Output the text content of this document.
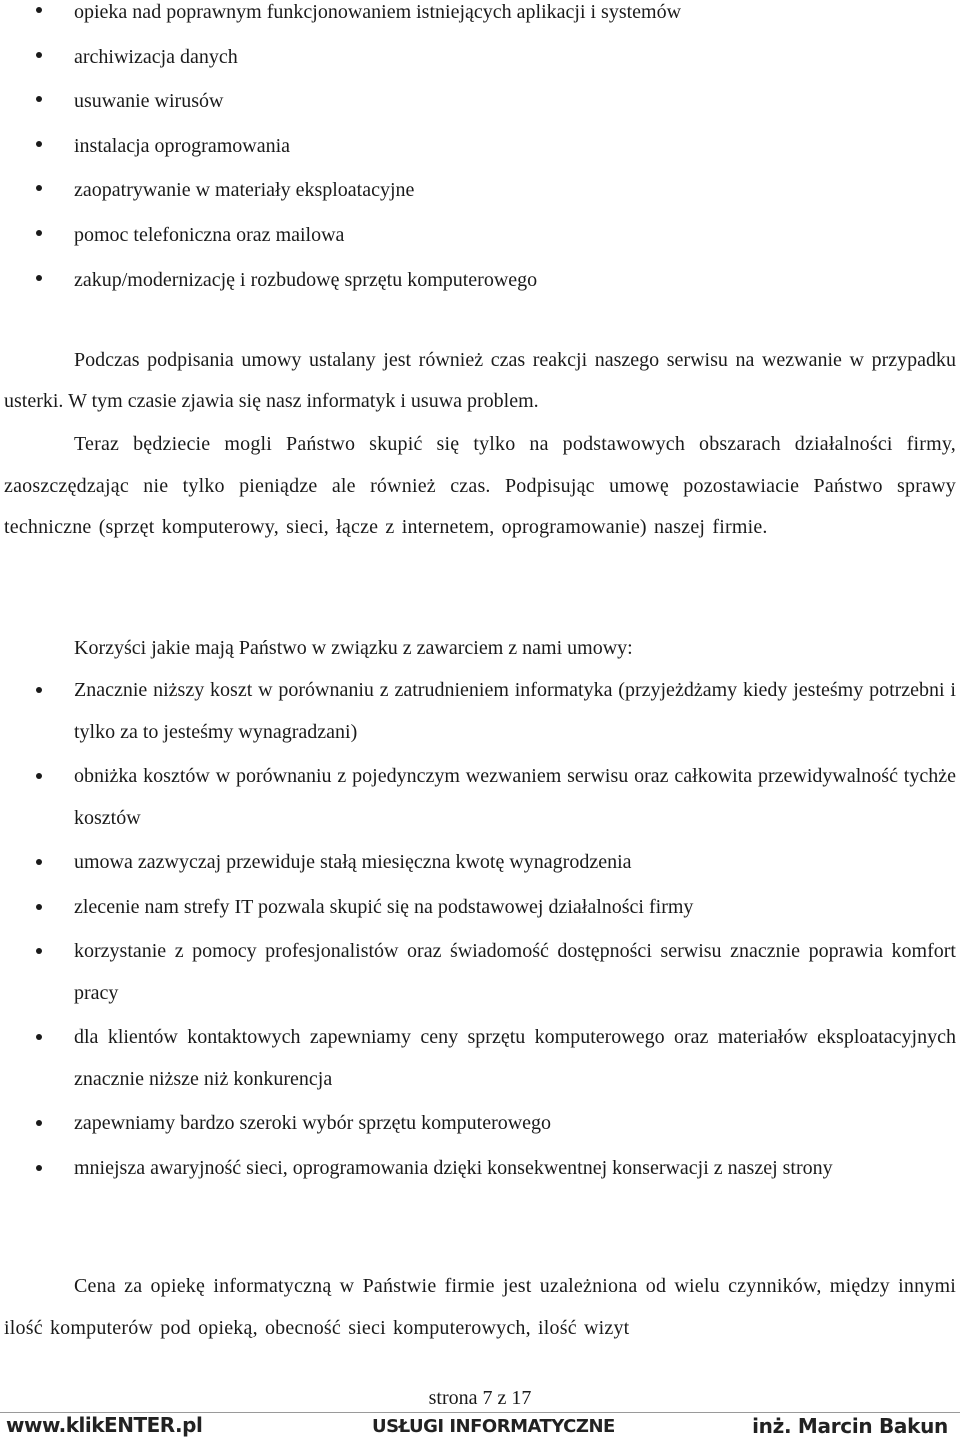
opieka nad poprawnym funkcjonowaniem istniejących aplikacji i systemów
archiwizacja danych
usuwanie wirusów
instalacja oprogramowania
zaopatrywanie w materiały eksploatacyjne
pomoc telefoniczna oraz mailowa
zakup/modernizację i rozbudowę sprzętu komputerowego

Podczas podpisania umowy ustalany jest również czas reakcji naszego serwisu na wezwanie w przypadku usterki. W tym czasie zjawia się nasz informatyk i usuwa problem.

Teraz będziecie mogli Państwo skupić się tylko na podstawowych obszarach działalności firmy, zaoszczędzając nie tylko pieniądze ale również czas. Podpisując umowę pozostawiacie Państwo sprawy techniczne (sprzęt komputerowy, sieci, łącze z internetem, oprogramowanie) naszej firmie.

Korzyści jakie mają Państwo w związku z zawarciem z nami umowy:

Znacznie niższy koszt w porównaniu z zatrudnieniem informatyka (przyjeżdżamy kiedy jesteśmy potrzebni i tylko za to jesteśmy wynagradzani)
obniżka kosztów w porównaniu z pojedynczym wezwaniem serwisu oraz całkowita przewidywalność tychże kosztów
umowa zazwyczaj przewiduje stałą miesięczna kwotę wynagrodzenia
zlecenie nam strefy IT pozwala skupić się na podstawowej działalności firmy
korzystanie z pomocy profesjonalistów oraz świadomość dostępności serwisu znacznie poprawia komfort pracy
dla klientów kontaktowych zapewniamy ceny sprzętu komputerowego oraz materiałów eksploatacyjnych znacznie niższe niż konkurencja
zapewniamy bardzo szeroki wybór sprzętu komputerowego
mniejsza awaryjność sieci, oprogramowania dzięki konsekwentnej konserwacji z naszej strony

Cena za opiekę informatyczną w Państwie firmie jest uzależniona od wielu czynników, między innymi ilość komputerów pod opieką, obecność sieci komputerowych, ilość wizyt

strona 7 z 17
www.klikENTER.pl	USŁUGI INFORMATYCZNE	inż. Marcin Bakun
